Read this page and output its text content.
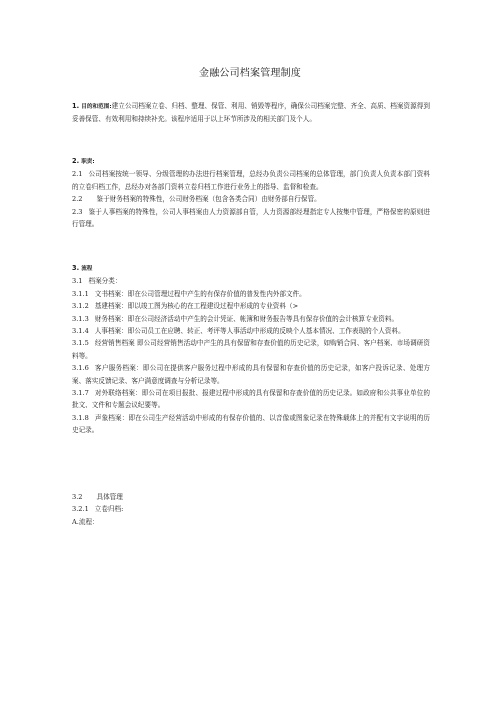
金融公司档案管理制度

1. 目的和范围:建立公司档案立卷、归档、整理、保管、利用、销毁等程序，确保公司档案完整、齐全、高质、档案资源得到妥善保管、有效利用和持续补充。该程序适用于以上环节所涉及的相关部门及个人。

2. 职责:

2.1 公司档案按统一领导、分级管理的办法进行档案管理，总经办负责公司档案的总体管理，部门负责人负责本部门资料的立卷归档工作，总经办对各部门资料立卷归档工作进行业务上的指导、监督和检查。

2.2 鉴于财务档案的特殊性，公司财务档案（包含各类合同）由财务部自行保管。

2.3 鉴于人事档案的特殊性，公司人事档案由人力资源部自管，人力资源部经理指定专人按集中管理，严格保密的原则进行管理。

3. 流程

3.1 档案分类：

3.1.1 文书档案：即在公司管理过程中产生的有保存价值的普发性内外部文件。

3.1.2 基建档案：即以竣工图为核心的在工程建设过程中形成的专业资料（>

3.1.3 财务档案：即在公司经济活动中产生的会计凭证、帐簿和财务报告等具有保存价值的会计核算专业资料。

3.1.4 人事档案：即公司员工在应聘、转正、考评等人事活动中形成的反映个人基本情况、工作表现的个人资料。

3.1.5 经营销售档案 即公司经营销售活动中产生的具有保留和存查价值的历史记录，如购销合同、客户档案、市场调研资料等。

3.1.6 客户服务档案：即公司在提供客户服务过程中形成的具有保留和存查价值的历史记录，如客户投诉记录、处理方案、落实反馈记录、客户满意度调查与分析记录等。

3.1.7 对外联络档案：即公司在项目报批、报建过程中形成的具有保留和存查价值的历史记录。如政府和公共事业单位的批文、文件和专题会议纪要等。

3.1.8 声象档案：即在公司生产经营活动中形成的有保存价值的、以音像或图象记录在特殊载体上的并配有文字说明的历史记录。

3.2 具体管理

3.2.1 立卷归档:

A.流程：
